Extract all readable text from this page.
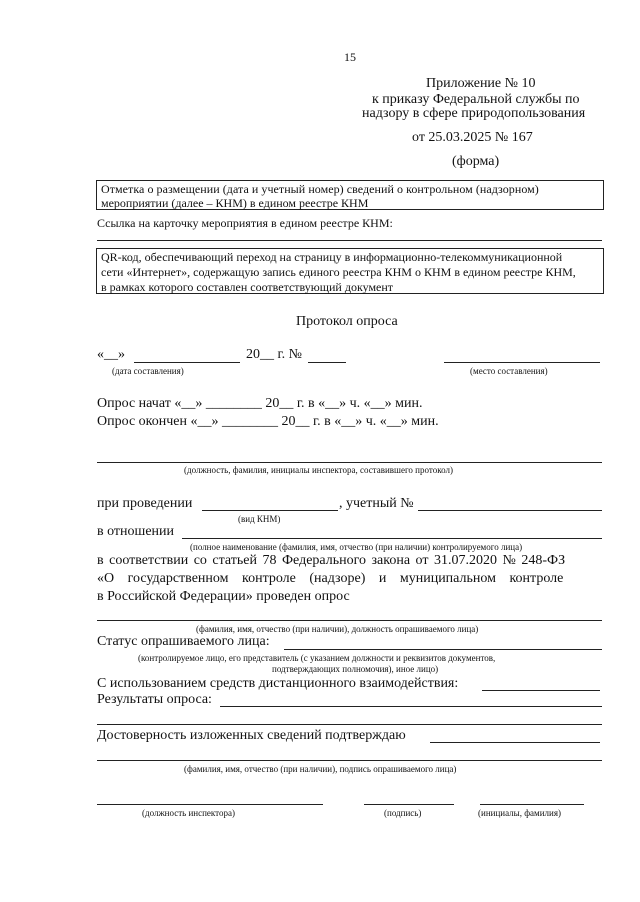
15
Приложение № 10
к приказу Федеральной службы по
надзору в сфере природопользования
от 25.03.2025 № 167
(форма)
Отметка о размещении (дата и учетный номер) сведений о контрольном (надзорном)
мероприятии (далее – КНМ) в едином реестре КНМ
Ссылка на карточку мероприятия в едином реестре КНМ:
QR-код, обеспечивающий переход на страницу в информационно-телекоммуникационной
сети «Интернет», содержащую запись единого реестра КНМ о КНМ в едином реестре КНМ,
в рамках которого составлен соответствующий документ
Протокол опроса
«__»	20__ г. №
(дата составления)	(место составления)
Опрос начат «__» ________ 20__ г. в «__» ч. «__» мин.
Опрос окончен «__» ________ 20__ г. в «__» ч. «__» мин.
(должность, фамилия, инициалы инспектора, составившего протокол)
при проведении	, учетный №
(вид КНМ)
в отношении
(полное наименование (фамилия, имя, отчество (при наличии) контролируемого лица)
в соответствии со статьей 78 Федерального закона от 31.07.2020 № 248-ФЗ
«О государственном контроле (надзоре) и муниципальном контроле
в Российской Федерации» проведен опрос
(фамилия, имя, отчество (при наличии), должность опрашиваемого лица)
Статус опрашиваемого лица:
(контролируемое лицо, его представитель (с указанием должности и реквизитов документов,
подтверждающих полномочия), иное лицо)
С использованием средств дистанционного взаимодействия:
Результаты опроса:
Достоверность изложенных сведений подтверждаю
(фамилия, имя, отчество (при наличии), подпись опрашиваемого лица)
(должность инспектора)	(подпись)	(инициалы, фамилия)
